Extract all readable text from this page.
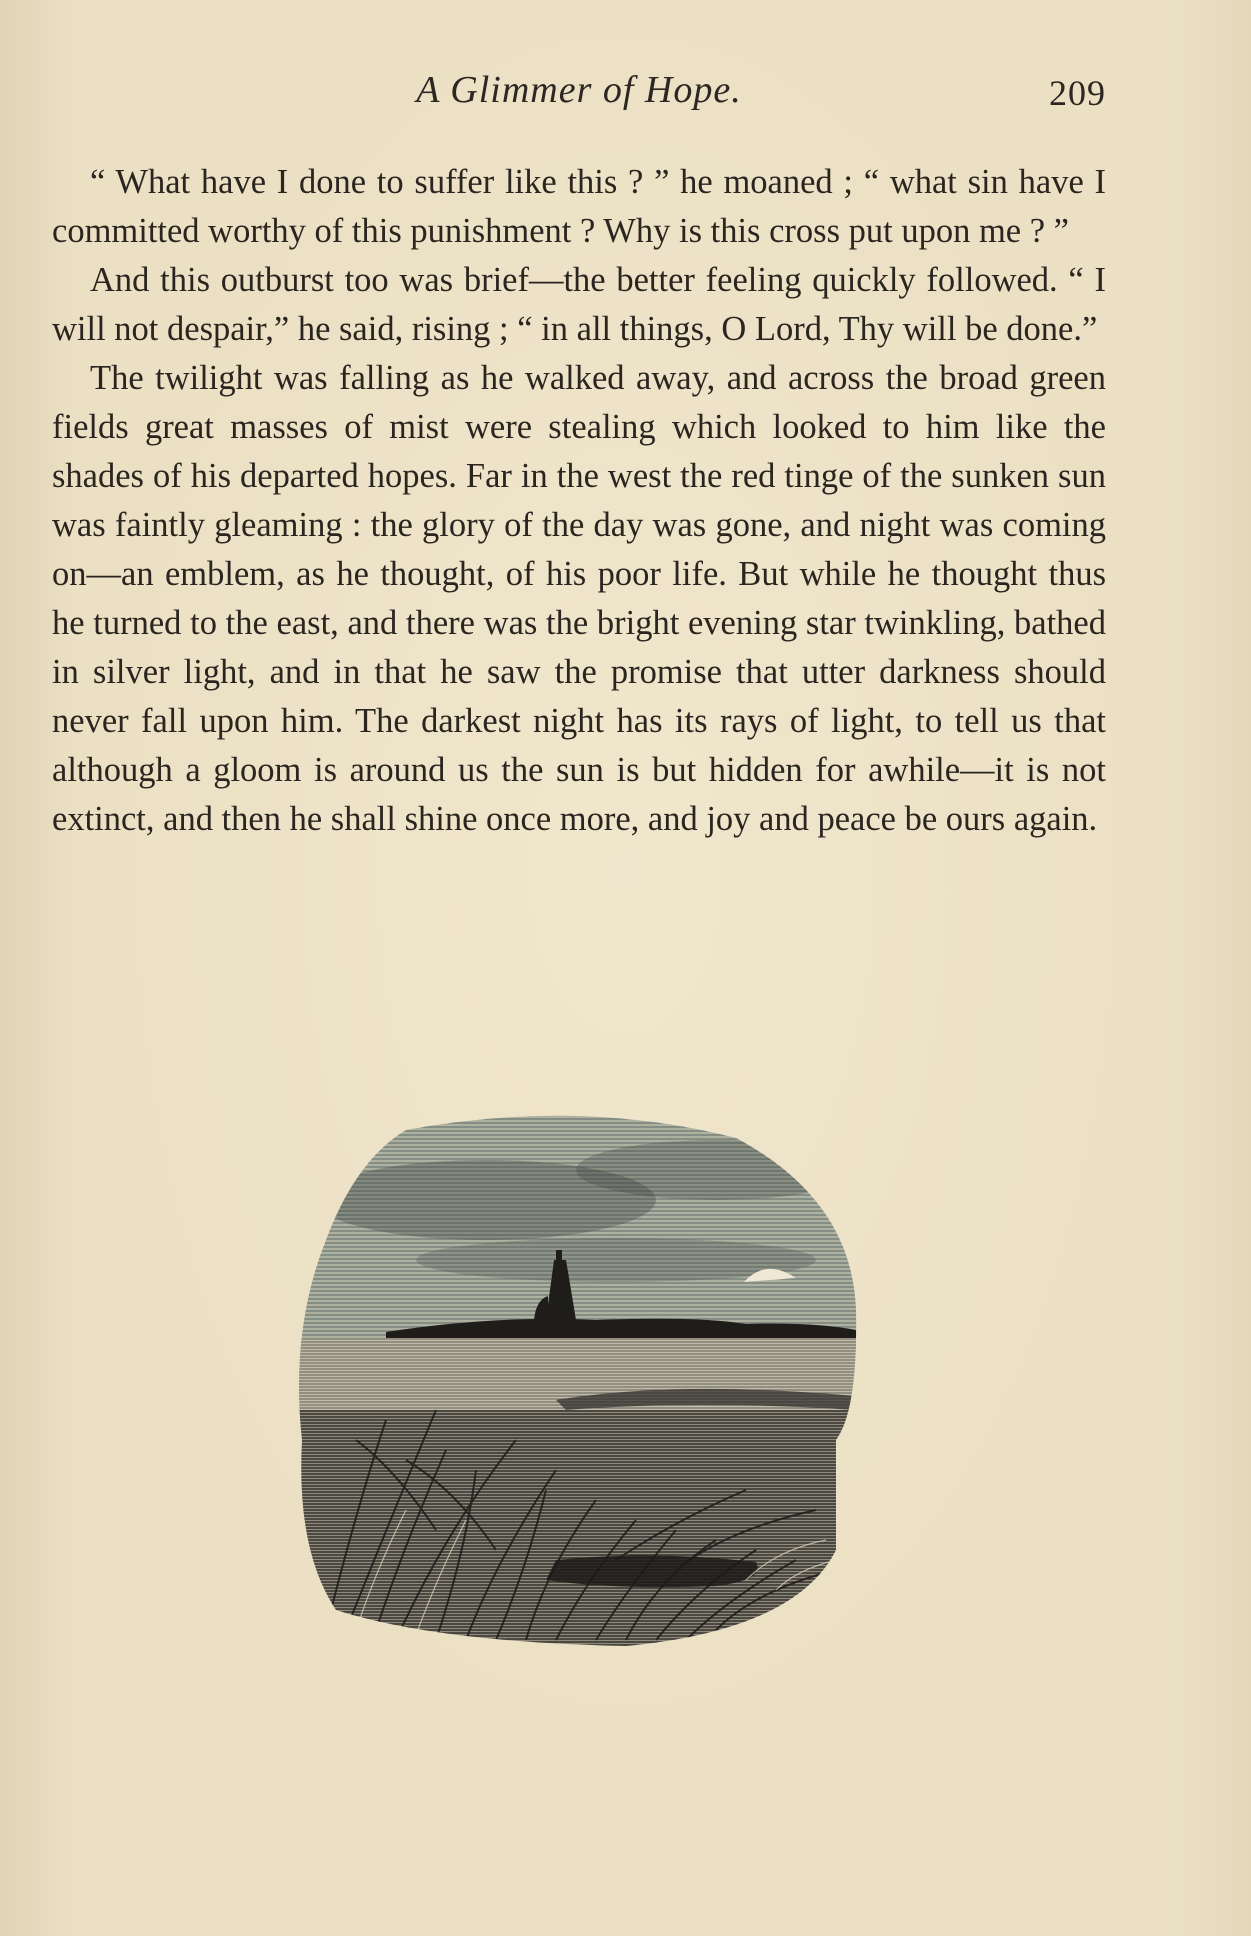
A Glimmer of Hope.	209

“ What have I done to suffer like this ? ” he moaned ; “ what sin have I committed worthy of this punishment ? Why is this cross put upon me ? ”

And this outburst too was brief—the better feeling quickly followed. “ I will not despair,” he said, rising ; “ in all things, O Lord, Thy will be done.”

The twilight was falling as he walked away, and across the broad green fields great masses of mist were stealing which looked to him like the shades of his departed hopes. Far in the west the red tinge of the sunken sun was faintly gleaming : the glory of the day was gone, and night was coming on—an emblem, as he thought, of his poor life. But while he thought thus he turned to the east, and there was the bright evening star twinkling, bathed in silver light, and in that he saw the promise that utter darkness should never fall upon him. The darkest night has its rays of light, to tell us that although a gloom is around us the sun is but hidden for awhile—it is not extinct, and then he shall shine once more, and joy and peace be ours again.
